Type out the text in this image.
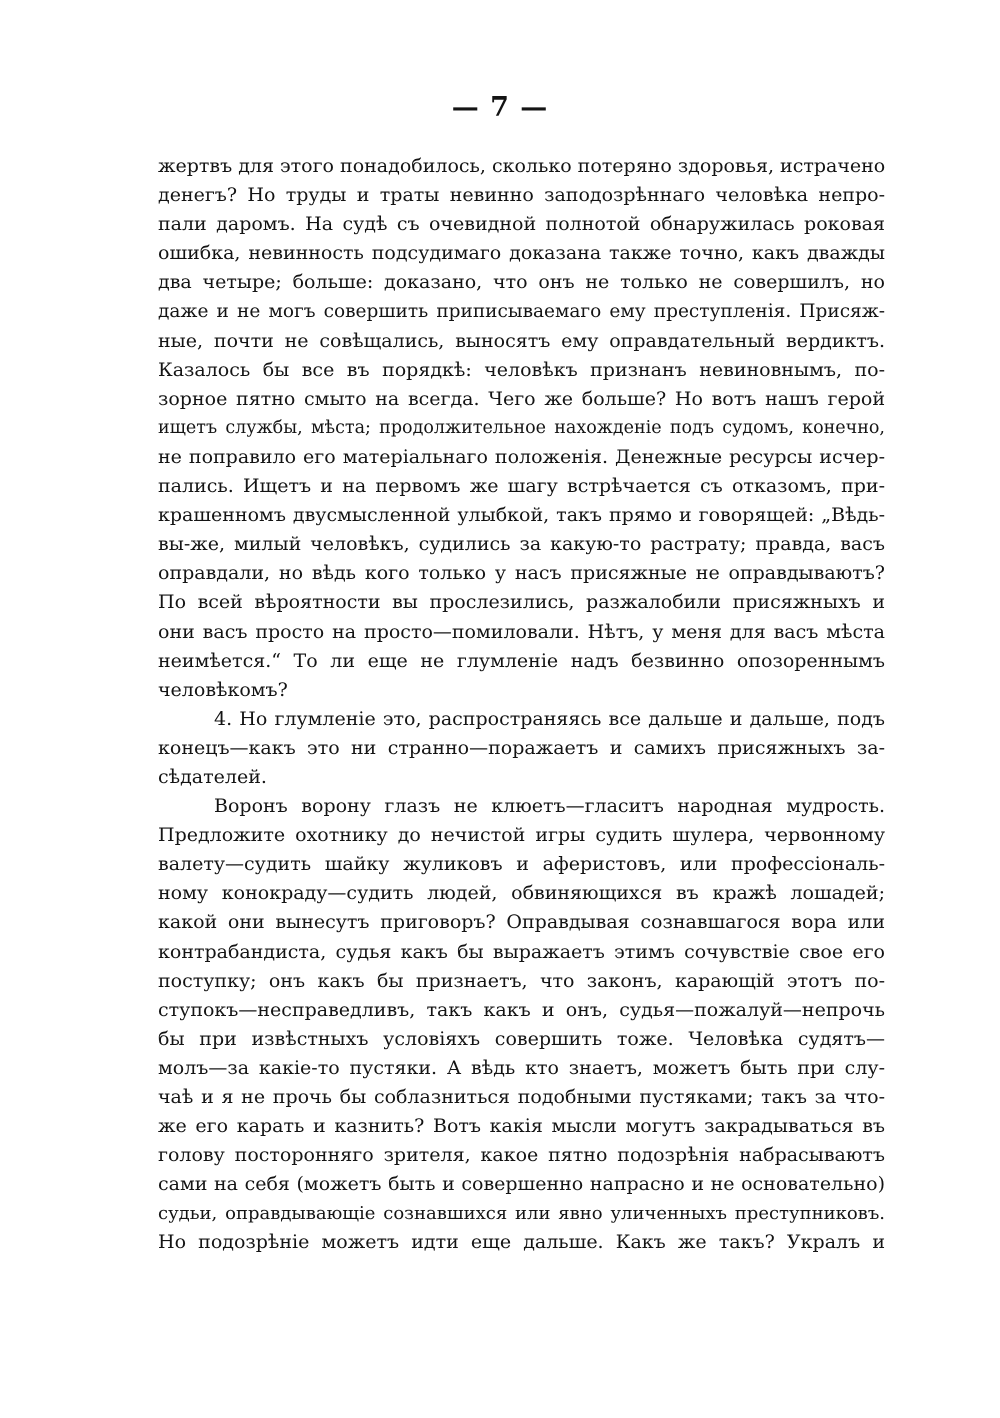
— 7 —
жертвъ для этого понадобилось, сколько потеряно здоровья, истрачено
денегъ? Но труды и траты невинно заподозрѣннаго человѣка непро-
пали даромъ. На судѣ съ очевидной полнотой обнаружилась роковая
ошибка, невинность подсудимаго доказана также точно, какъ дважды
два четыре; больше: доказано, что онъ не только не совершилъ, но
даже и не могъ совершить приписываемаго ему преступленія. Присяж-
ные, почти не совѣщались, выносятъ ему оправдательный вердиктъ.
Казалось бы все въ порядкѣ: человѣкъ признанъ невиновнымъ, по-
зорное пятно смыто на всегда. Чего же больше? Но вотъ нашъ герой
ищетъ службы, мѣста; продолжительное нахожденіе подъ судомъ, конечно,
не поправило его матеріальнаго положенія. Денежные ресурсы исчер-
пались. Ищетъ и на первомъ же шагу встрѣчается съ отказомъ, при-
крашенномъ двусмысленной улыбкой, такъ прямо и говорящей: „Вѣдь-
вы-же, милый человѣкъ, судились за какую-то растрату; правда, васъ
оправдали, но вѣдь кого только у насъ присяжные не оправдываютъ?
По всей вѣроятности вы прослезились, разжалобили присяжныхъ и
они васъ просто на просто—помиловали. Нѣтъ, у меня для васъ мѣста
неимѣется.“ То ли еще не глумленіе надъ безвинно опозореннымъ
человѣкомъ?
4. Но глумленіе это, распространяясь все дальше и дальше, подъ
конецъ—какъ это ни странно—поражаетъ и самихъ присяжныхъ за-
сѣдателей.
Воронъ ворону глазъ не клюетъ—гласитъ народная мудрость.
Предложите охотнику до нечистой игры судить шулера, червонному
валету—судить шайку жуликовъ и аферистовъ, или профессіональ-
ному конокраду—судить людей, обвиняющихся въ кражѣ лошадей;
какой они вынесутъ приговоръ? Оправдывая сознавшагося вора или
контрабандиста, судья какъ бы выражаетъ этимъ сочувствіе свое его
поступку; онъ какъ бы признаетъ, что законъ, карающій этотъ по-
ступокъ—несправедливъ, такъ какъ и онъ, судья—пожалуй—непрочь
бы при извѣстныхъ условіяхъ совершить тоже. Человѣка судятъ—
молъ—за какіе-то пустяки. А вѣдь кто знаетъ, можетъ быть при слу-
чаѣ и я не прочь бы соблазниться подобными пустяками; такъ за что-
же его карать и казнить? Вотъ какія мысли могутъ закрадываться въ
голову посторонняго зрителя, какое пятно подозрѣнія набрасываютъ
сами на себя (можетъ быть и совершенно напрасно и не основательно)
судьи, оправдывающіе сознавшихся или явно уличенныхъ преступниковъ.
Но подозрѣніе можетъ идти еще дальше. Какъ же такъ? Укралъ и
